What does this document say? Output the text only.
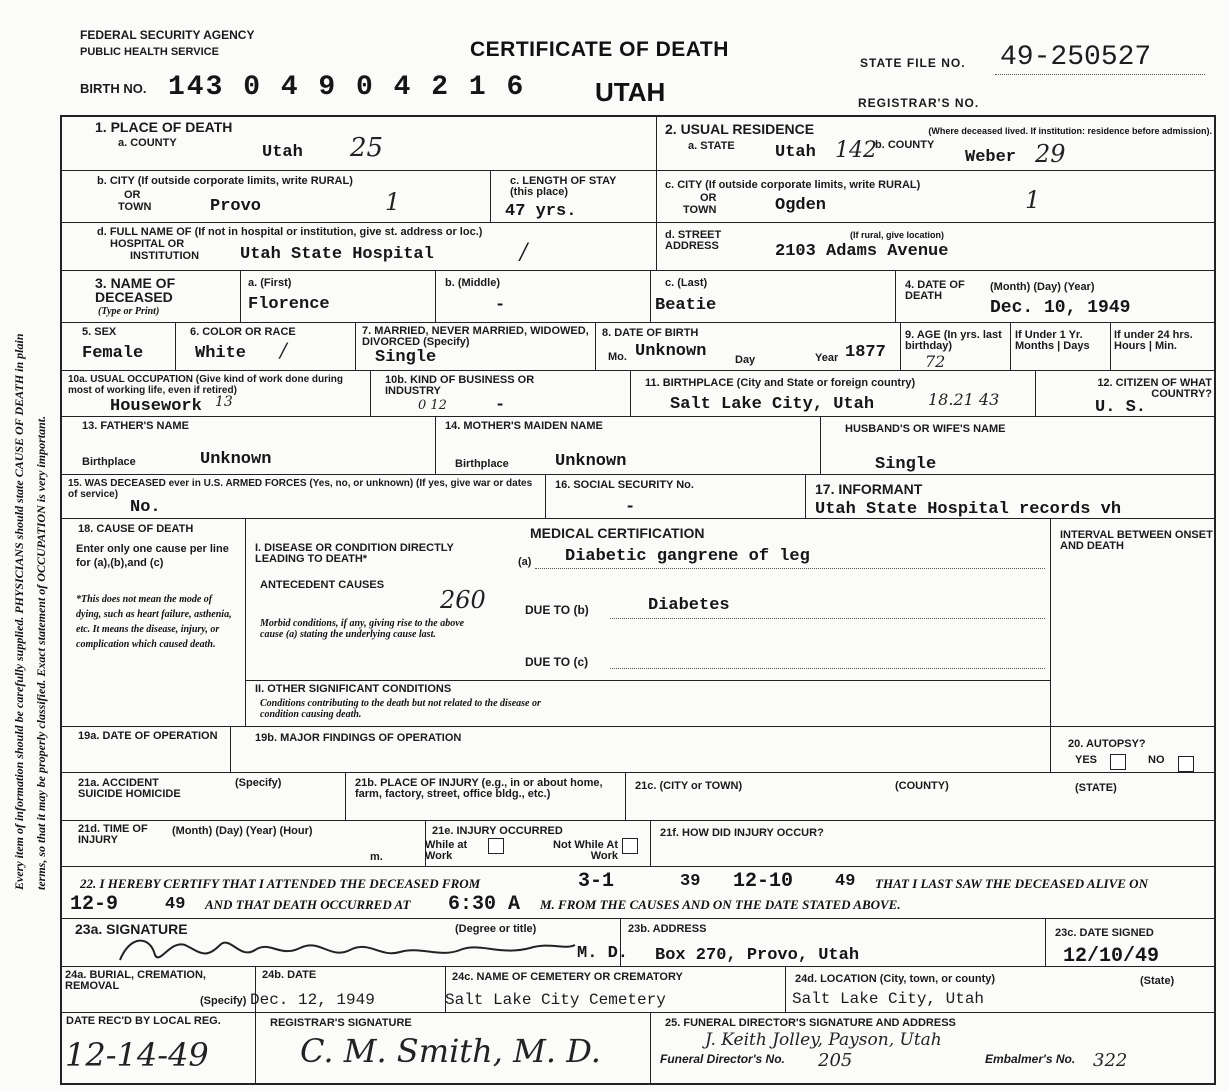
Every item of information should be carefully supplied. PHYSICIANS should state CAUSE OF DEATH in plain terms, so that it may be properly classified. Exact statement of OCCUPATION is very important.
FEDERAL SECURITY AGENCY
PUBLIC HEALTH SERVICE	CERTIFICATE OF DEATH
BIRTH NO. 143 0 4 9 0 4 2 1 6	UTAH
STATE FILE NO. 49-250527
REGISTRAR'S NO.
1. PLACE OF DEATH
a. COUNTY	Utah 25
2. USUAL RESIDENCE	(Where deceased lived. If institution: residence before admission).
a. STATE Utah 142
b. COUNTY
Weber 29
b. CITY (If outside corporate limits, write RURAL)
OR
TOWN	Provo	1
c. LENGTH OF STAY (this place)
47 yrs.
c. CITY (If outside corporate limits, write RURAL)
OR
TOWN	Ogden	1
d. FULL NAME OF (If not in hospital or institution, give st. address or loc.)
HOSPITAL OR
INSTITUTION Utah State Hospital	/
d. STREET ADDRESS
(If rural, give location)
2103 Adams Avenue
3. NAME OF DECEASED
(Type or Print)
a. (First)
Florence
b. (Middle)
-
c. (Last)
Beatie
4. DATE OF DEATH
(Month) (Day) (Year)
Dec. 10, 1949
5. SEX
Female
6. COLOR OR RACE
White /
7. MARRIED, NEVER MARRIED, WIDOWED, DIVORCED (Specify)
Single
8. DATE OF BIRTH
Mo. Unknown	Day	Year 1877
9. AGE (In yrs. last birthday)
72
If Under 1 Yr. Months | Days
If under 24 hrs. Hours | Min.
10a. USUAL OCCUPATION (Give kind of work done during most of working life, even if retired)
Housework 13
10b. KIND OF BUSINESS OR INDUSTRY
0 12	-
11. BIRTHPLACE (City and State or foreign country)
Salt Lake City, Utah	18.21 43
12. CITIZEN OF WHAT COUNTRY?
U. S.
13. FATHER'S NAME
Birthplace	Unknown
14. MOTHER'S MAIDEN NAME
Birthplace	Unknown
HUSBAND'S OR WIFE'S NAME
Single
15. WAS DECEASED ever in U.S. ARMED FORCES (Yes, no, or unknown) (If yes, give war or dates of service)
No.
16. SOCIAL SECURITY No.
-
17. INFORMANT
Utah State Hospital records vh
MEDICAL CERTIFICATION
18. CAUSE OF DEATH
Enter only one cause per line for (a),(b),and (c)
*This does not mean the mode of dying, such as heart failure, asthenia, etc. It means the disease, injury, or complication which caused death.
I. DISEASE OR CONDITION DIRECTLY LEADING TO DEATH*	(a) Diabetic gangrene of leg
ANTECEDENT CAUSES
260
Morbid conditions, if any, giving rise to the above cause (a) stating the underlying cause last.
DUE TO (b)	Diabetes
DUE TO (c)
II. OTHER SIGNIFICANT CONDITIONS
Conditions contributing to the death but not related to the disease or condition causing death.
INTERVAL BETWEEN ONSET AND DEATH
19a. DATE OF OPERATION	19b. MAJOR FINDINGS OF OPERATION	20. AUTOPSY?
YES	NO
21a. ACCIDENT SUICIDE HOMICIDE
(Specify)	21b. PLACE OF INJURY (e.g., in or about home, farm, factory, street, office bldg., etc.)
21c. (CITY or TOWN)	(COUNTY)	(STATE)
21d. TIME OF INJURY
(Month) (Day) (Year) (Hour)
m.
21e. INJURY OCCURRED
While at Work
Not While At Work
21f. HOW DID INJURY OCCUR?
22. I HEREBY CERTIFY THAT I ATTENDED THE DECEASED FROM	3-1	39 12-10 49 THAT I LAST SAW THE DECEASED ALIVE ON
12-9	49 AND THAT DEATH OCCURRED AT 6:30 A M. FROM THE CAUSES AND ON THE DATE STATED ABOVE.
23a. SIGNATURE	(Degree or title)
M. D.
23b. ADDRESS
Box 270, Provo, Utah
23c. DATE SIGNED
12/10/49
24a. BURIAL, CREMATION, REMOVAL
(Specify)
24b. DATE
Dec. 12, 1949
24c. NAME OF CEMETERY OR CREMATORY
Salt Lake City Cemetery
24d. LOCATION (City, town, or county)
Salt Lake City, Utah
(State)
DATE REC'D BY LOCAL REG.
12-14-49
REGISTRAR'S SIGNATURE
C. M. Smith, M. D.
25. FUNERAL DIRECTOR'S SIGNATURE AND ADDRESS
J. Keith Jolley, Payson, Utah
Funeral Director's No. 205	Embalmer's No. 322
